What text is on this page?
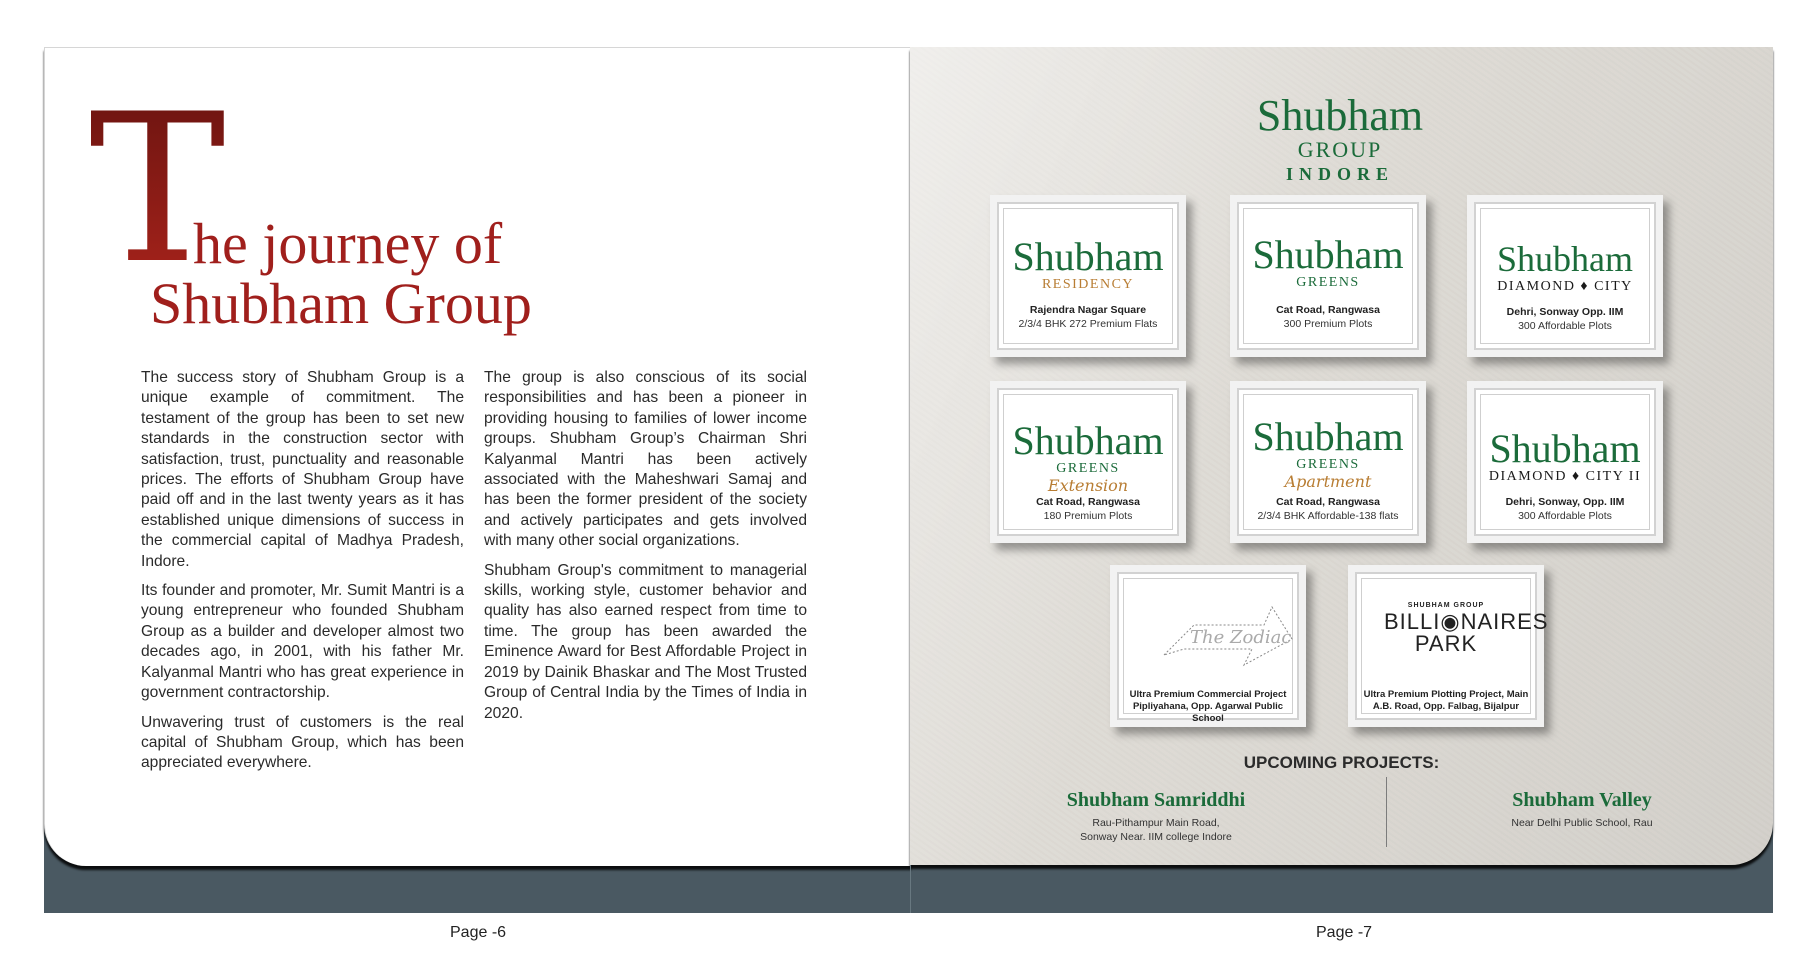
T
he journey of
Shubham Group

The success story of Shubham Group is a unique example of commitment. The testament of the group has been to set new standards in the construction sector with satisfaction, trust, punctuality and reasonable prices. The efforts of Shubham Group have paid off and in the last twenty years as it has established unique dimensions of success in the commercial capital of Madhya Pradesh, Indore.

Its founder and promoter, Mr. Sumit Mantri is a young entrepreneur who founded Shubham Group as a builder and developer almost two decades ago, in 2001, with his father Mr. Kalyanmal Mantri who has great experience in government contractorship.

Unwavering trust of customers is the real capital of Shubham Group, which has been appreciated everywhere.

The group is also conscious of its social responsibilities and has been a pioneer in providing housing to families of lower income groups. Shubham Group’s Chairman Shri Kalyanmal Mantri has been actively associated with the Maheshwari Samaj and has been the former president of the society and actively participates and gets involved with many other social organizations.

Shubham Group's commitment to managerial skills, working style, customer behavior and quality has also earned respect from time to time. The group has been awarded the Eminence Award for Best Affordable Project in 2019 by Dainik Bhaskar and The Most Trusted Group of Central India by the Times of India in 2020.

Shubham
GROUP
INDORE
Shubham
RESIDENCY
Rajendra Nagar Square
2/3/4 BHK 272 Premium Flats
Shubham
GREENS
Cat Road, Rangwasa
300 Premium Plots
Shubham
DIAMOND ♦ CITY
Dehri, Sonway Opp. IIM
300 Affordable Plots
Shubham
GREENS
Extension
Cat Road, Rangwasa
180 Premium Plots
Shubham
GREENS
Apartment
Cat Road, Rangwasa
2/3/4 BHK Affordable-138 flats
Shubham
DIAMOND ♦ CITY II
Dehri, Sonway, Opp. IIM
300 Affordable Plots
The Zodiac
Ultra Premium Commercial Project
Pipliyahana, Opp. Agarwal Public School
SHUBHAM GROUP
BILLI◉NAIRES PARK
Ultra Premium Plotting Project, Main
A.B. Road, Opp. Falbag, Bijalpur
UPCOMING PROJECTS:
Shubham Samriddhi
Rau-Pithampur Main Road,
Sonway Near. IIM college Indore
Shubham Valley
Near Delhi Public School, Rau
Page -6	Page -7
